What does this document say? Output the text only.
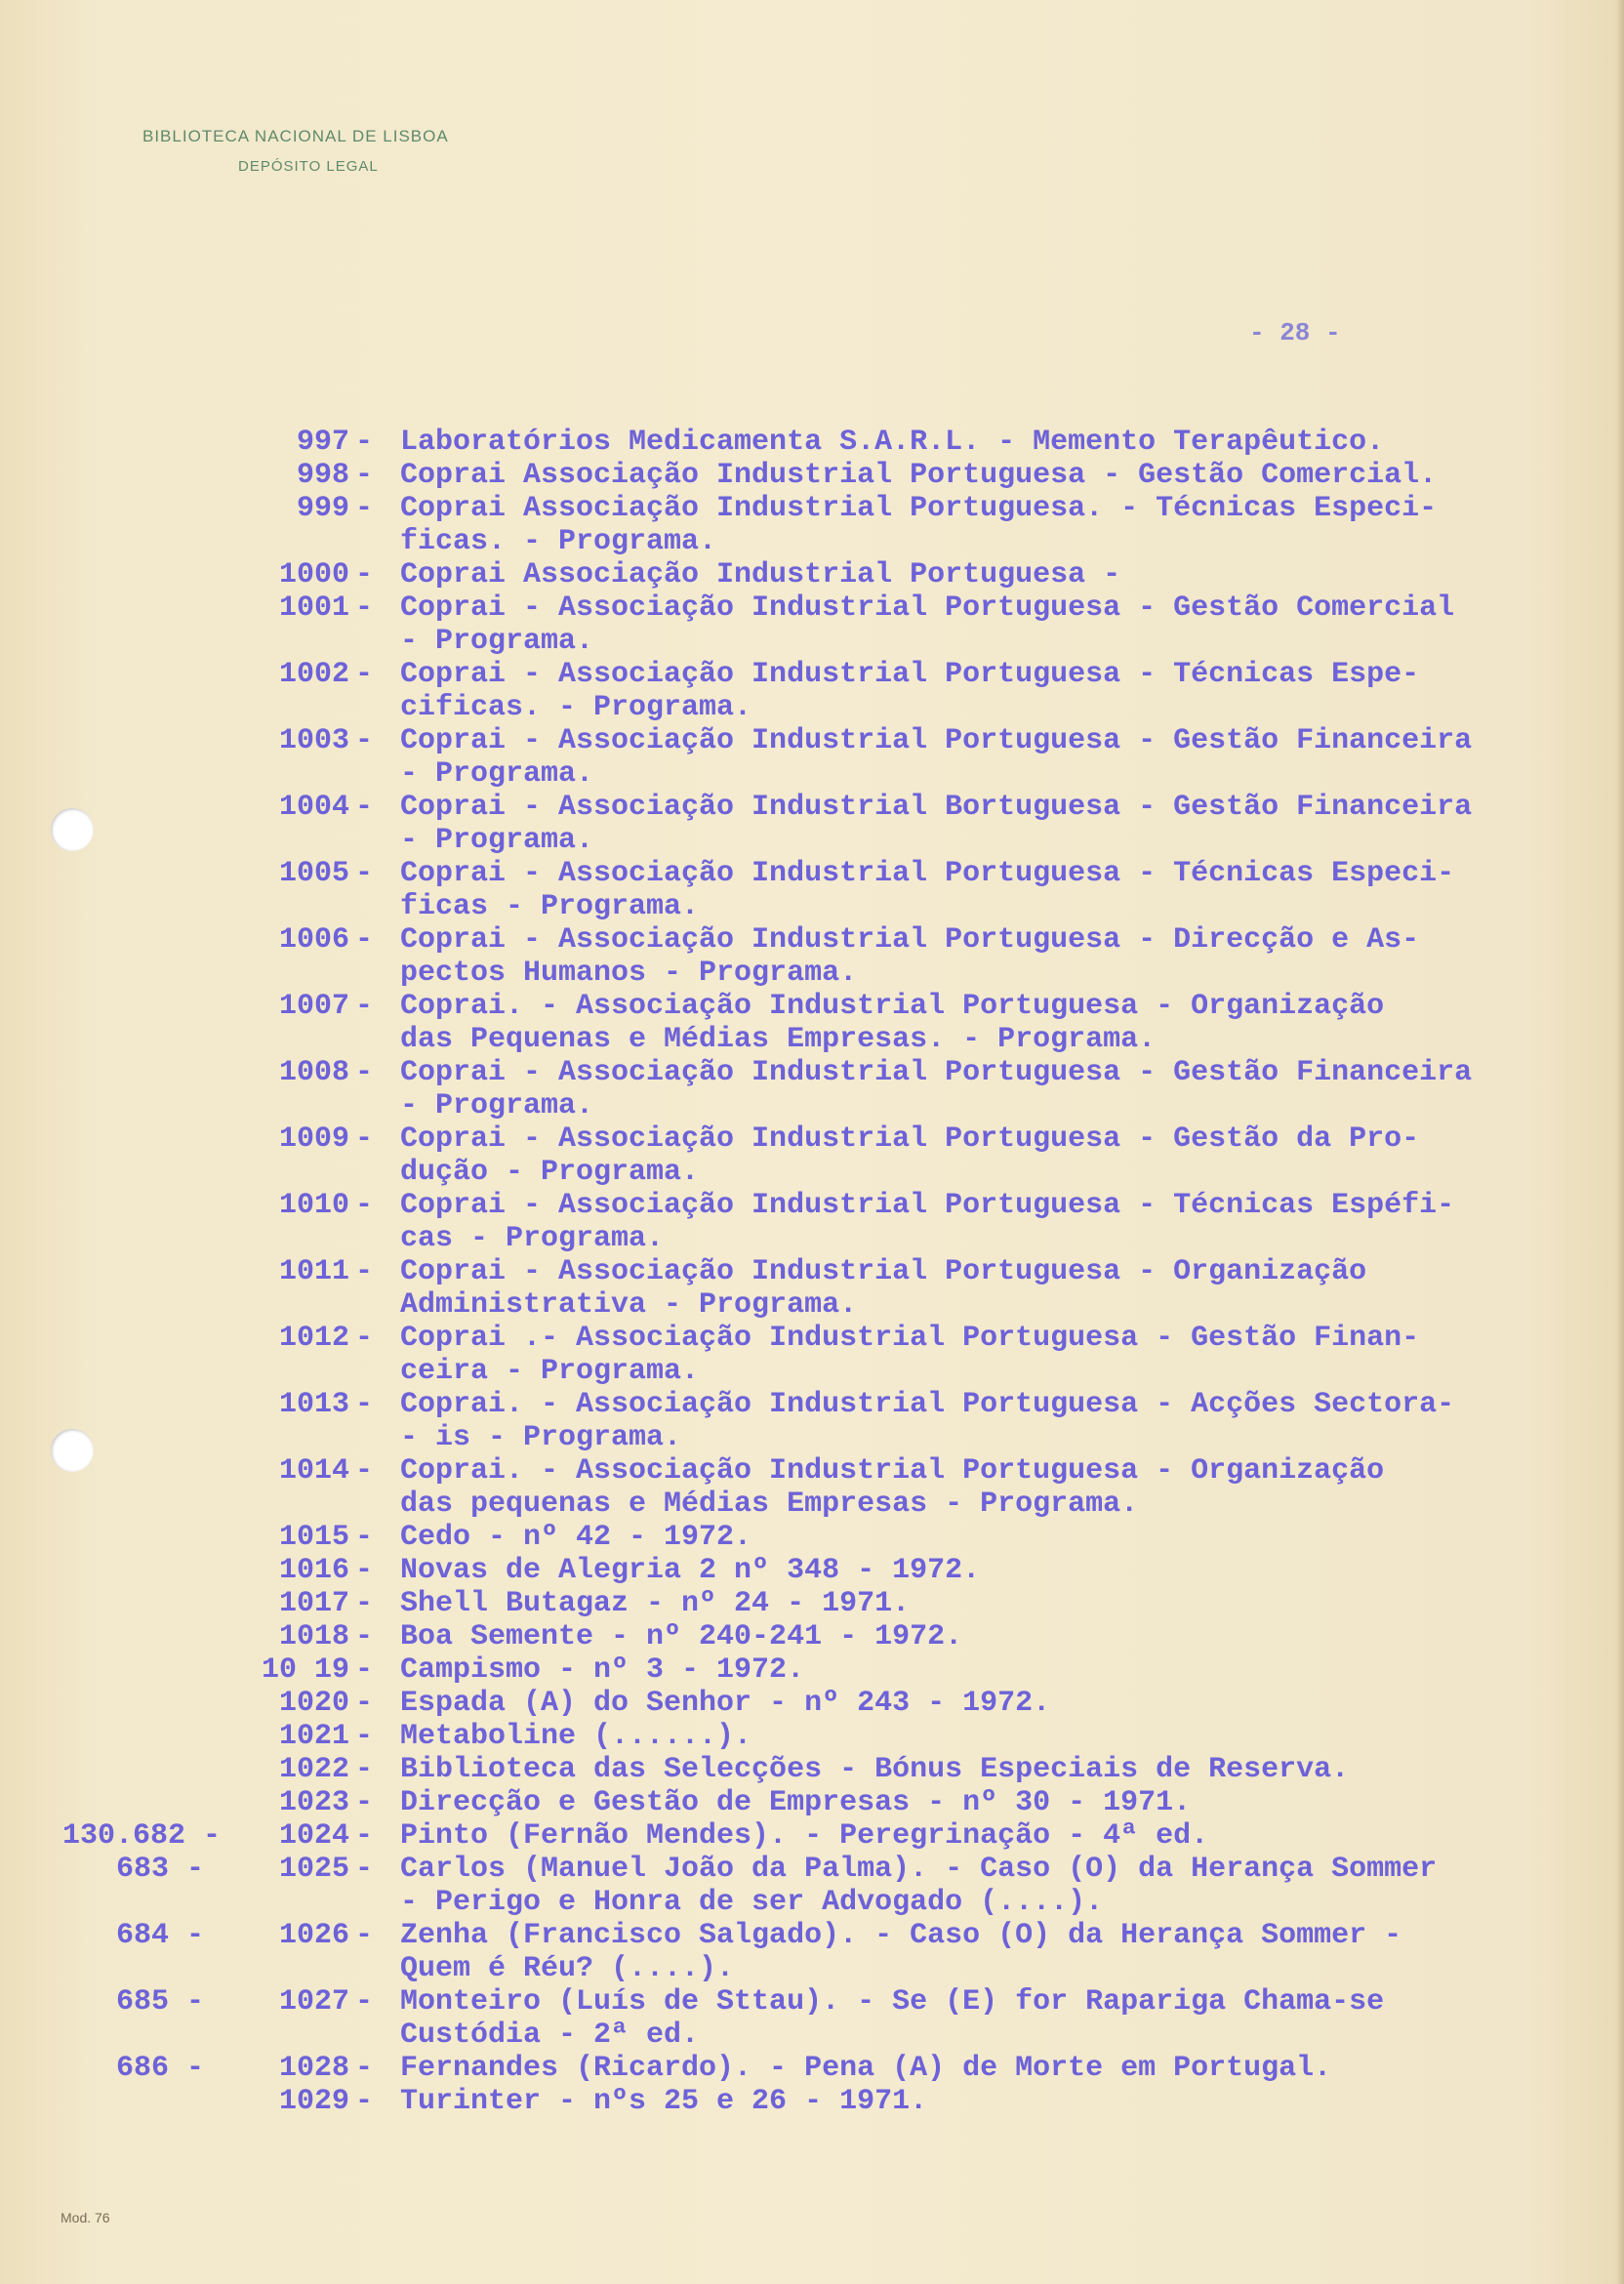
BIBLIOTECA NACIONAL DE LISBOA
DEPÓSITO LEGAL
- 28 -
997 - Laboratórios Medicamenta S.A.R.L. - Memento Terapêutico.
998 - Coprai Associação Industrial Portuguesa - Gestão Comercial.
999 - Coprai Associação Industrial Portuguesa. - Técnicas Especi-
ficas. - Programa.
1000 - Coprai Associação Industrial Portuguesa -
1001 - Coprai - Associação Industrial Portuguesa - Gestão Comercial
- Programa.
1002 - Coprai - Associação Industrial Portuguesa - Técnicas Espe-
cificas. - Programa.
1003 - Coprai - Associação Industrial Portuguesa - Gestão Financeira
- Programa.
1004 - Coprai - Associação Industrial Bortuguesa - Gestão Financeira
- Programa.
1005 - Coprai - Associação Industrial Portuguesa - Técnicas Especi-
ficas - Programa.
1006 - Coprai - Associação Industrial Portuguesa - Direcção e As-
pectos Humanos - Programa.
1007 - Coprai. - Associação Industrial Portuguesa - Organização
das Pequenas e Médias Empresas. - Programa.
1008 - Coprai - Associação Industrial Portuguesa - Gestão Financeira
- Programa.
1009 - Coprai - Associação Industrial Portuguesa - Gestão da Pro-
dução - Programa.
1010 - Coprai - Associação Industrial Portuguesa - Técnicas Espéfi-
cas - Programa.
1011 - Coprai - Associação Industrial Portuguesa - Organização
Administrativa - Programa.
1012 - Coprai .- Associação Industrial Portuguesa - Gestão Finan-
ceira - Programa.
1013 - Coprai. - Associação Industrial Portuguesa - Acções Sectora-
- is - Programa.
1014 - Coprai. - Associação Industrial Portuguesa - Organização
das pequenas e Médias Empresas - Programa.
1015 - Cedo - nº 42 - 1972.
1016 - Novas de Alegria 2 nº 348 - 1972.
1017 - Shell Butagaz - nº 24 - 1971.
1018 - Boa Semente - nº 240-241 - 1972.
10 19 - Campismo - nº 3 - 1972.
1020 - Espada (A) do Senhor - nº 243 - 1972.
1021 - Metaboline (......).
1022 - Biblioteca das Selecções - Bónus Especiais de Reserva.
1023 - Direcção e Gestão de Empresas - nº 30 - 1971.
130.682 -	1024 - Pinto (Fernão Mendes). - Peregrinação - 4ª ed.
683 -	1025 - Carlos (Manuel João da Palma). - Caso (O) da Herança Sommer
- Perigo e Honra de ser Advogado (....).
684 -	1026 - Zenha (Francisco Salgado). - Caso (O) da Herança Sommer -
Quem é Réu? (....).
685 -	1027 - Monteiro (Luís de Sttau). - Se (E) for Rapariga Chama-se
Custódia - 2ª ed.
686 -	1028 - Fernandes (Ricardo). - Pena (A) de Morte em Portugal.
1029 - Turinter - nºs 25 e 26 - 1971.
Mod. 76
